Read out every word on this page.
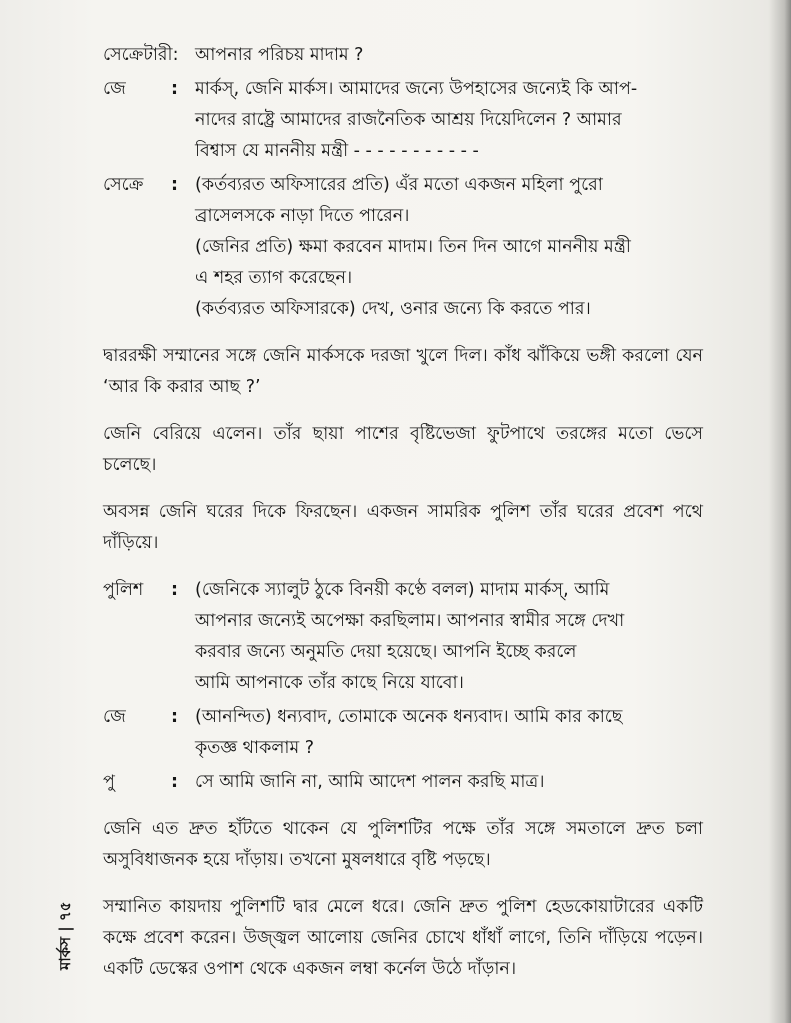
সেক্রেটারী: আপনার পরিচয় মাদাম ?
জে	: মার্কস্, জেনি মার্কস। আমাদের জন্যে উপহাসের জন্যেই কি আপ-
নাদের রাষ্ট্রে আমাদের রাজনৈতিক আশ্রয় দিয়েদিলেন ? আমার
বিশ্বাস যে মাননীয় মন্ত্রী - - - - - - - - - - -
সেক্রে	: (কর্তব্যরত অফিসারের প্রতি) এঁর মতো একজন মহিলা পুরো
ব্রাসেলসকে নাড়া দিতে পারেন।
(জেনির প্রতি) ক্ষমা করবেন মাদাম। তিন দিন আগে মাননীয় মন্ত্রী
এ শহর ত্যাগ করেছেন।
(কর্তব্যরত অফিসারকে) দেখ, ওনার জন্যে কি করতে পার।

দ্বাররক্ষী সম্মানের সঙ্গে জেনি মার্কসকে দরজা খুলে দিল। কাঁধ ঝাঁকিয়ে ভঙ্গী করলো যেন ‘আর কি করার আছ ?’

জেনি বেরিয়ে এলেন। তাঁর ছায়া পাশের বৃষ্টিভেজা ফুটপাথে তরঙ্গের মতো ভেসে চলেছে।

অবসন্ন জেনি ঘরের দিকে ফিরছেন। একজন সামরিক পুলিশ তাঁর ঘরের প্রবেশ পথে দাঁড়িয়ে।

পুলিশ	: (জেনিকে স্যালুট ঠুকে বিনয়ী কণ্ঠে বলল) মাদাম মার্কস্, আমি
আপনার জন্যেই অপেক্ষা করছিলাম। আপনার স্বামীর সঙ্গে দেখা
করবার জন্যে অনুমতি দেয়া হয়েছে। আপনি ইচ্ছে করলে
আমি আপনাকে তাঁর কাছে নিয়ে যাবো।
জে	: (আনন্দিত) ধন্যবাদ, তোমাকে অনেক ধন্যবাদ। আমি কার কাছে
কৃতজ্ঞ থাকলাম ?
পু	: সে আমি জানি না, আমি আদেশ পালন করছি মাত্র।

জেনি এত দ্রুত হাঁটতে থাকেন যে পুলিশটির পক্ষে তাঁর সঙ্গে সমতালে দ্রুত চলা অসুবিধাজনক হয়ে দাঁড়ায়। তখনো মুষলধারে বৃষ্টি পড়ছে।

সম্মানিত কায়দায় পুলিশটি দ্বার মেলে ধরে। জেনি দ্রুত পুলিশ হেডকোয়াটারের একটি কক্ষে প্রবেশ করেন। উজ্জ্বল আলোয় জেনির চোখে ধাঁধাঁ লাগে, তিনি দাঁড়িয়ে পড়েন। একটি ডেস্কের ওপাশ থেকে একজন লম্বা কর্নেল উঠে দাঁড়ান।

মার্কস | ৭৫
